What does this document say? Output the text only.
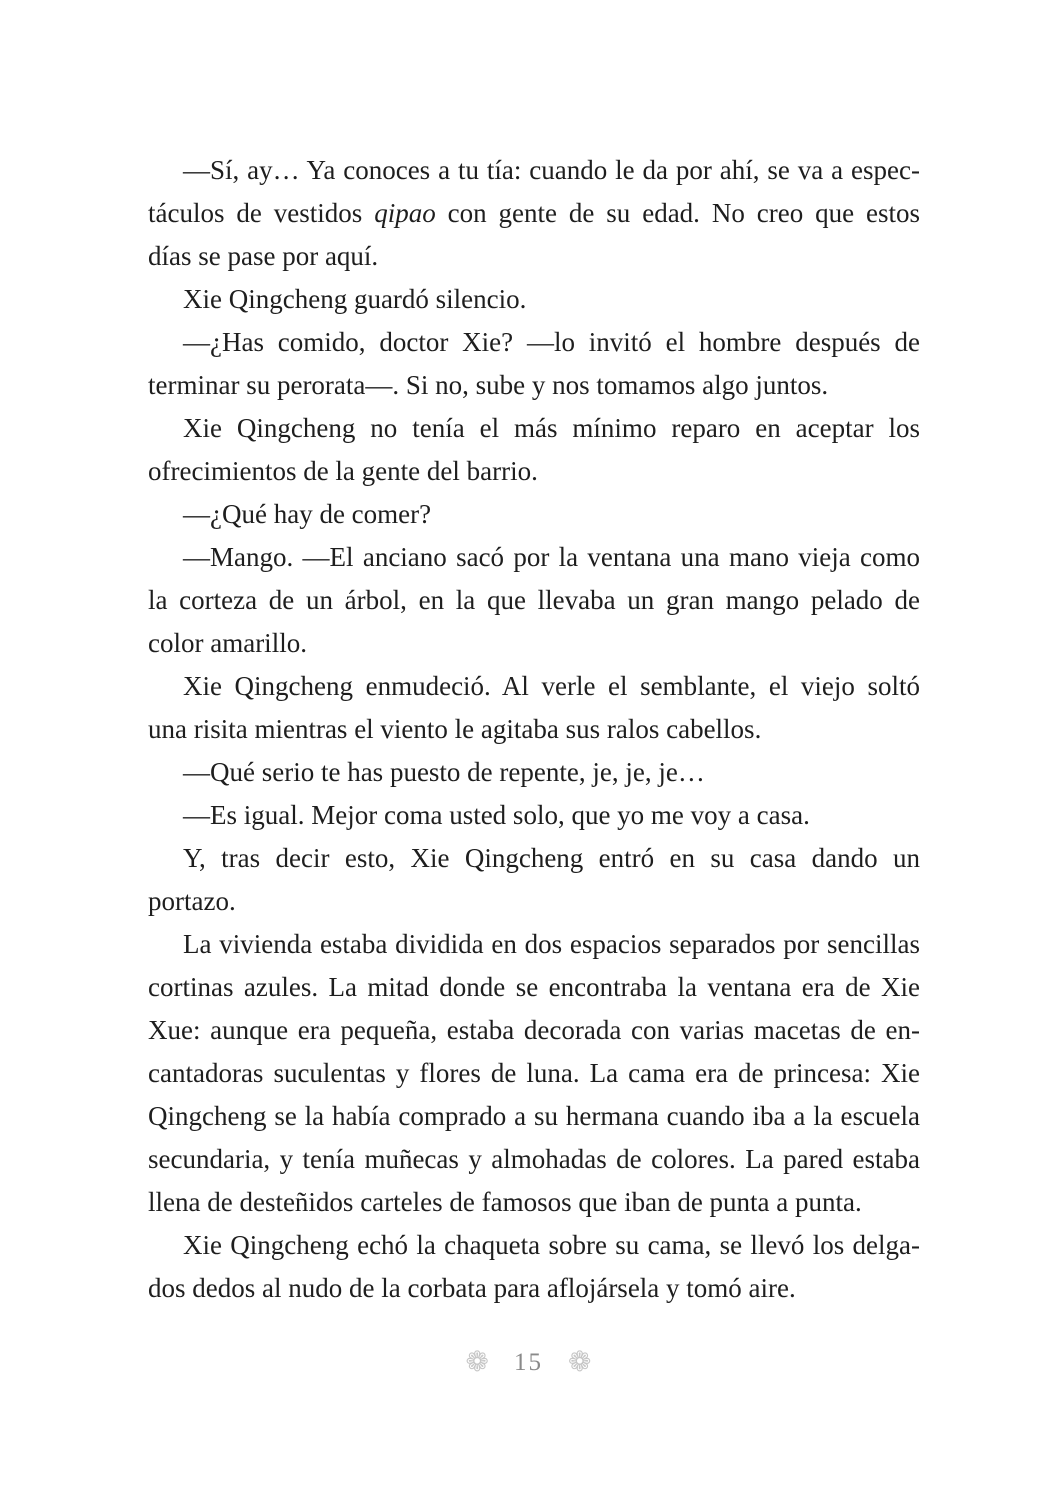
—Sí, ay… Ya conoces a tu tía: cuando le da por ahí, se va a espec-
táculos de vestidos qipao con gente de su edad. No creo que estos
días se pase por aquí.

Xie Qingcheng guardó silencio.

—¿Has comido, doctor Xie? —lo invitó el hombre después de
terminar su perorata—. Si no, sube y nos tomamos algo juntos.

Xie Qingcheng no tenía el más mínimo reparo en aceptar los
ofrecimientos de la gente del barrio.

—¿Qué hay de comer?

—Mango. —El anciano sacó por la ventana una mano vieja como
la corteza de un árbol, en la que llevaba un gran mango pelado de
color amarillo.

Xie Qingcheng enmudeció. Al verle el semblante, el viejo soltó
una risita mientras el viento le agitaba sus ralos cabellos.

—Qué serio te has puesto de repente, je, je, je…

—Es igual. Mejor coma usted solo, que yo me voy a casa.

Y, tras decir esto, Xie Qingcheng entró en su casa dando un
portazo.

La vivienda estaba dividida en dos espacios separados por sencillas
cortinas azules. La mitad donde se encontraba la ventana era de Xie
Xue: aunque era pequeña, estaba decorada con varias macetas de en-
cantadoras suculentas y flores de luna. La cama era de princesa: Xie
Qingcheng se la había comprado a su hermana cuando iba a la escuela
secundaria, y tenía muñecas y almohadas de colores. La pared estaba
llena de desteñidos carteles de famosos que iban de punta a punta.

Xie Qingcheng echó la chaqueta sobre su cama, se llevó los delga-
dos dedos al nudo de la corbata para aflojársela y tomó aire.

❁ 15 ❁
